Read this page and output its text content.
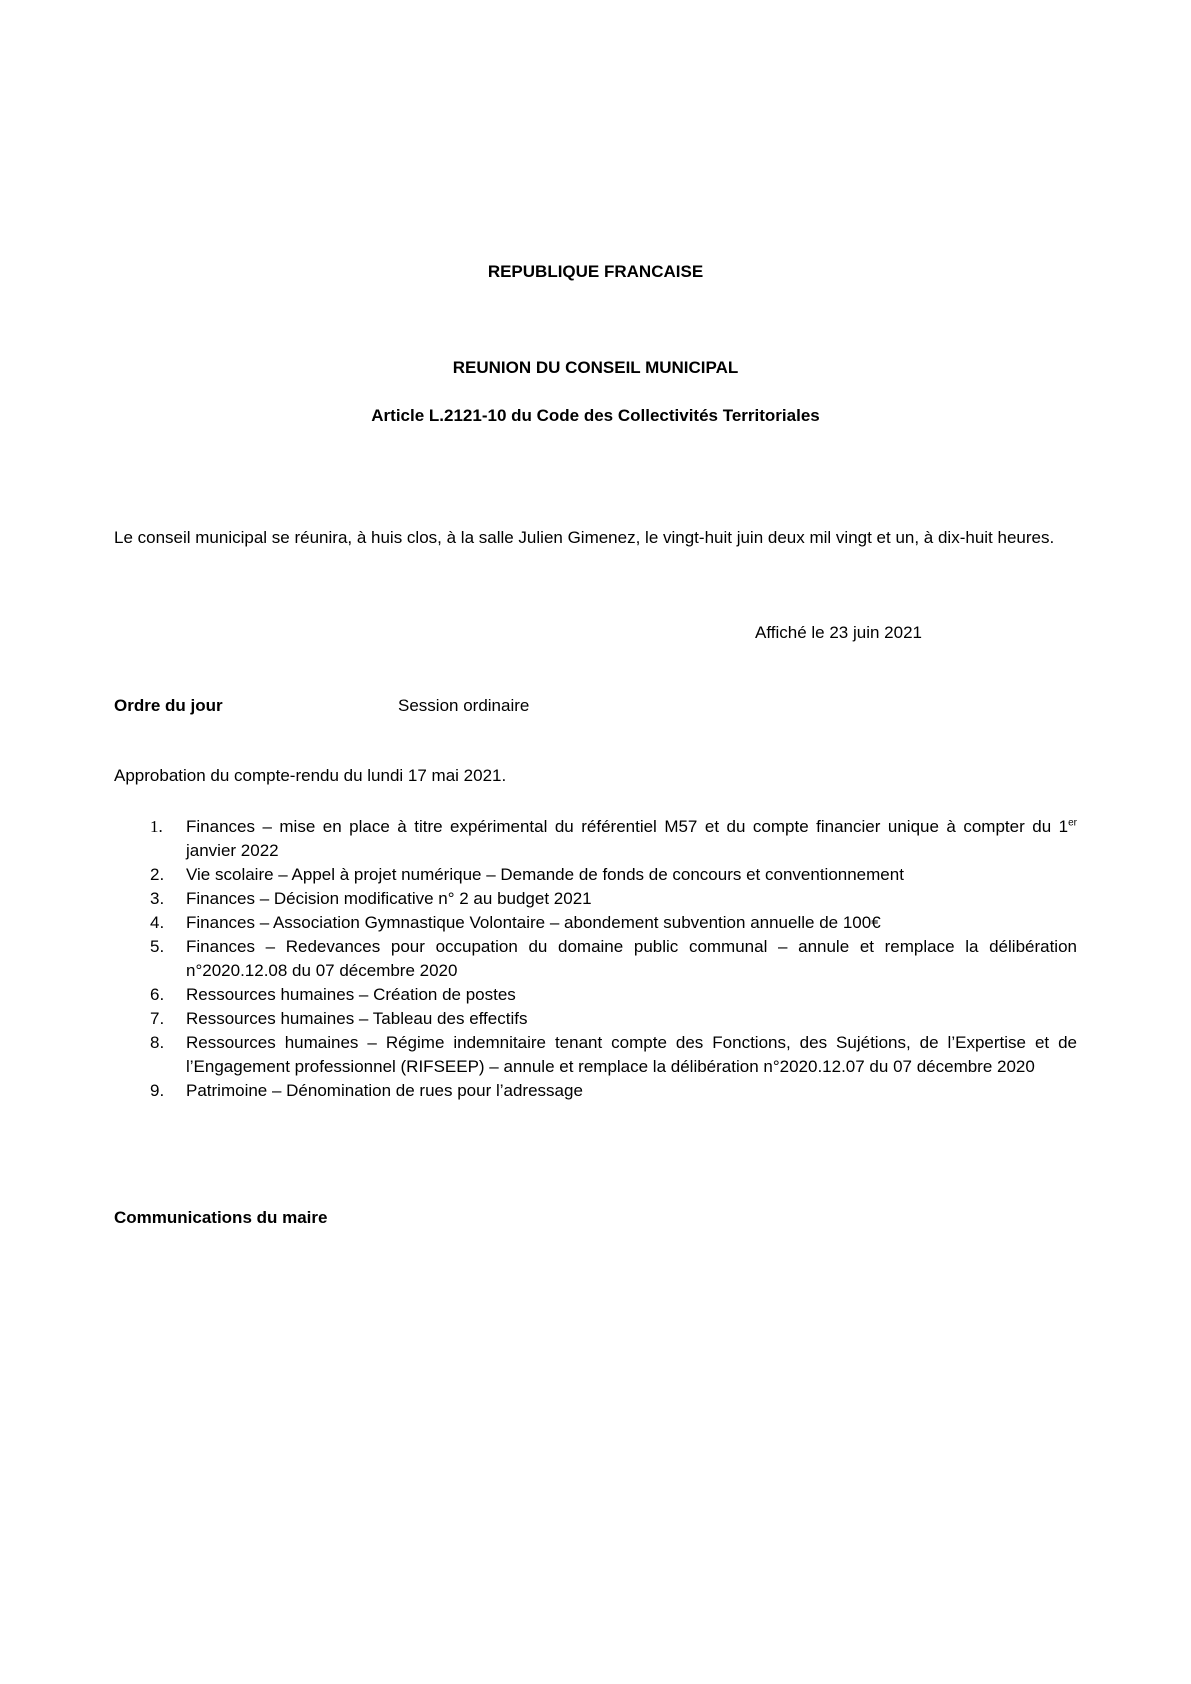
REPUBLIQUE FRANCAISE
REUNION DU CONSEIL MUNICIPAL
Article L.2121-10 du Code des Collectivités Territoriales
Le conseil municipal se réunira, à huis clos, à la salle Julien Gimenez, le vingt-huit juin deux mil vingt et un, à dix-huit heures.
Affiché le 23 juin 2021
Ordre du jour	Session ordinaire
Approbation du compte-rendu du lundi 17 mai 2021.
1.	Finances – mise en place à titre expérimental du référentiel M57 et du compte financier unique à compter du 1er janvier 2022
2.	Vie scolaire – Appel à projet numérique – Demande de fonds de concours et conventionnement
3.	Finances – Décision modificative n° 2 au budget 2021
4.	Finances – Association Gymnastique Volontaire – abondement subvention annuelle de 100€
5.	Finances – Redevances pour occupation du domaine public communal – annule et remplace la délibération n°2020.12.08 du 07 décembre 2020
6.	Ressources humaines – Création de postes
7.	Ressources humaines – Tableau des effectifs
8.	Ressources humaines – Régime indemnitaire tenant compte des Fonctions, des Sujétions, de l’Expertise et de l’Engagement professionnel (RIFSEEP) – annule et remplace la délibération n°2020.12.07 du 07 décembre 2020
9.	Patrimoine – Dénomination de rues pour l’adressage
Communications du maire
